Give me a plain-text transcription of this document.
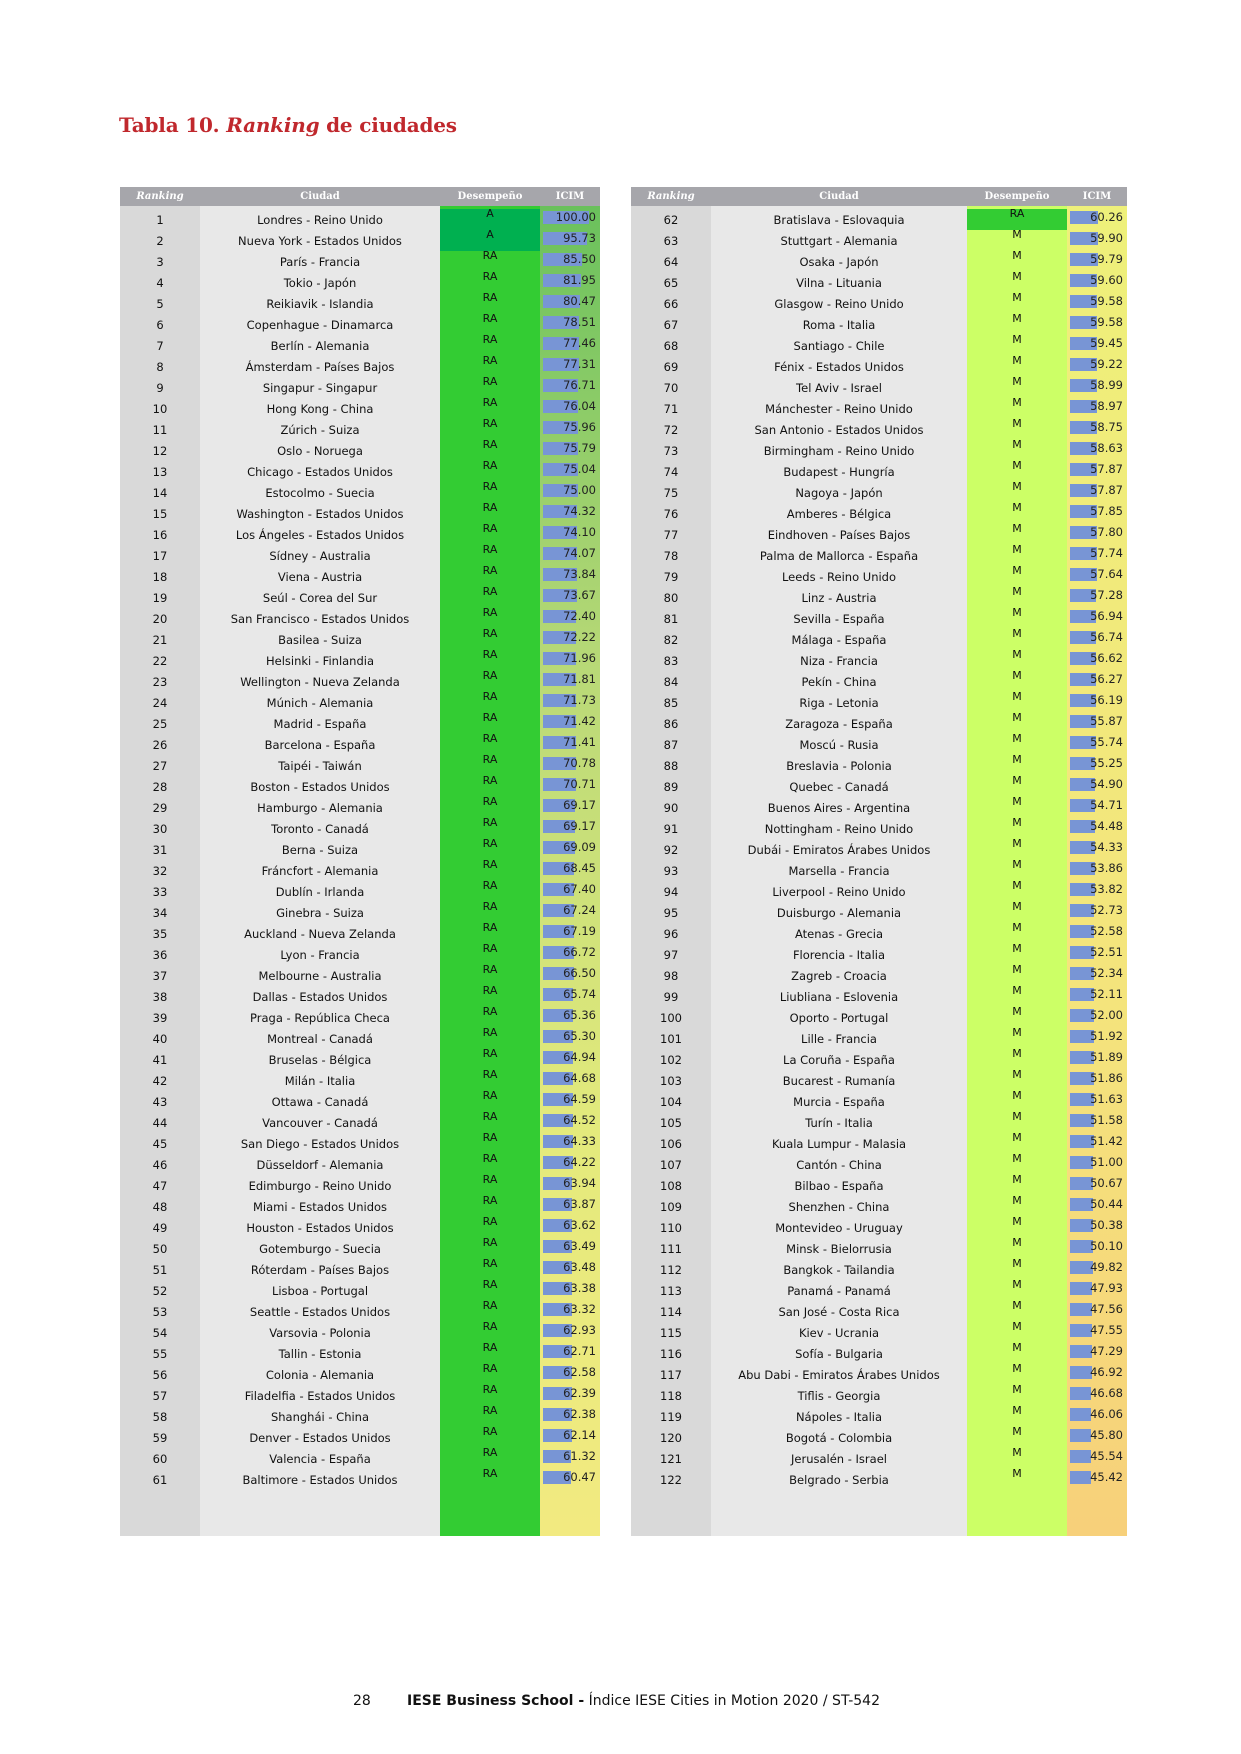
Tabla 10. Ranking de ciudades
Ranking	Ciudad	Desempeño	ICIM
1	Londres - Reino Unido	A	100.00
2	Nueva York - Estados Unidos	A	95.73
3	París - Francia	RA	85.50
4	Tokio - Japón	RA	81.95
5	Reikiavik - Islandia	RA	80.47
6	Copenhague - Dinamarca	RA	78.51
7	Berlín - Alemania	RA	77.46
8	Ámsterdam - Países Bajos	RA	77.31
9	Singapur - Singapur	RA	76.71
10	Hong Kong - China	RA	76.04
11	Zúrich - Suiza	RA	75.96
12	Oslo - Noruega	RA	75.79
13	Chicago - Estados Unidos	RA	75.04
14	Estocolmo - Suecia	RA	75.00
15	Washington - Estados Unidos	RA	74.32
16	Los Ángeles - Estados Unidos	RA	74.10
17	Sídney - Australia	RA	74.07
18	Viena - Austria	RA	73.84
19	Seúl - Corea del Sur	RA	73.67
20	San Francisco - Estados Unidos	RA	72.40
21	Basilea - Suiza	RA	72.22
22	Helsinki - Finlandia	RA	71.96
23	Wellington - Nueva Zelanda	RA	71.81
24	Múnich - Alemania	RA	71.73
25	Madrid - España	RA	71.42
26	Barcelona - España	RA	71.41
27	Taipéi - Taiwán	RA	70.78
28	Boston - Estados Unidos	RA	70.71
29	Hamburgo - Alemania	RA	69.17
30	Toronto - Canadá	RA	69.17
31	Berna - Suiza	RA	69.09
32	Fráncfort - Alemania	RA	68.45
33	Dublín - Irlanda	RA	67.40
34	Ginebra - Suiza	RA	67.24
35	Auckland - Nueva Zelanda	RA	67.19
36	Lyon - Francia	RA	66.72
37	Melbourne - Australia	RA	66.50
38	Dallas - Estados Unidos	RA	65.74
39	Praga - República Checa	RA	65.36
40	Montreal - Canadá	RA	65.30
41	Bruselas - Bélgica	RA	64.94
42	Milán - Italia	RA	64.68
43	Ottawa - Canadá	RA	64.59
44	Vancouver - Canadá	RA	64.52
45	San Diego - Estados Unidos	RA	64.33
46	Düsseldorf - Alemania	RA	64.22
47	Edimburgo - Reino Unido	RA	63.94
48	Miami - Estados Unidos	RA	63.87
49	Houston - Estados Unidos	RA	63.62
50	Gotemburgo - Suecia	RA	63.49
51	Róterdam - Países Bajos	RA	63.48
52	Lisboa - Portugal	RA	63.38
53	Seattle - Estados Unidos	RA	63.32
54	Varsovia - Polonia	RA	62.93
55	Tallin - Estonia	RA	62.71
56	Colonia - Alemania	RA	62.58
57	Filadelfia - Estados Unidos	RA	62.39
58	Shanghái - China	RA	62.38
59	Denver - Estados Unidos	RA	62.14
60	Valencia - España	RA	61.32
61	Baltimore - Estados Unidos	RA	60.47
Ranking	Ciudad	Desempeño	ICIM
62	Bratislava - Eslovaquia	RA	60.26
63	Stuttgart - Alemania	M	59.90
64	Osaka - Japón	M	59.79
65	Vilna - Lituania	M	59.60
66	Glasgow - Reino Unido	M	59.58
67	Roma - Italia	M	59.58
68	Santiago - Chile	M	59.45
69	Fénix - Estados Unidos	M	59.22
70	Tel Aviv - Israel	M	58.99
71	Mánchester - Reino Unido	M	58.97
72	San Antonio - Estados Unidos	M	58.75
73	Birmingham - Reino Unido	M	58.63
74	Budapest - Hungría	M	57.87
75	Nagoya - Japón	M	57.87
76	Amberes - Bélgica	M	57.85
77	Eindhoven - Países Bajos	M	57.80
78	Palma de Mallorca - España	M	57.74
79	Leeds - Reino Unido	M	57.64
80	Linz - Austria	M	57.28
81	Sevilla - España	M	56.94
82	Málaga - España	M	56.74
83	Niza - Francia	M	56.62
84	Pekín - China	M	56.27
85	Riga - Letonia	M	56.19
86	Zaragoza - España	M	55.87
87	Moscú - Rusia	M	55.74
88	Breslavia - Polonia	M	55.25
89	Quebec - Canadá	M	54.90
90	Buenos Aires - Argentina	M	54.71
91	Nottingham - Reino Unido	M	54.48
92	Dubái - Emiratos Árabes Unidos	M	54.33
93	Marsella - Francia	M	53.86
94	Liverpool - Reino Unido	M	53.82
95	Duisburgo - Alemania	M	52.73
96	Atenas - Grecia	M	52.58
97	Florencia - Italia	M	52.51
98	Zagreb - Croacia	M	52.34
99	Liubliana - Eslovenia	M	52.11
100	Oporto - Portugal	M	52.00
101	Lille - Francia	M	51.92
102	La Coruña - España	M	51.89
103	Bucarest - Rumanía	M	51.86
104	Murcia - España	M	51.63
105	Turín - Italia	M	51.58
106	Kuala Lumpur - Malasia	M	51.42
107	Cantón - China	M	51.00
108	Bilbao - España	M	50.67
109	Shenzhen - China	M	50.44
110	Montevideo - Uruguay	M	50.38
111	Minsk - Bielorrusia	M	50.10
112	Bangkok - Tailandia	M	49.82
113	Panamá - Panamá	M	47.93
114	San José - Costa Rica	M	47.56
115	Kiev - Ucrania	M	47.55
116	Sofía - Bulgaria	M	47.29
117	Abu Dabi - Emiratos Árabes Unidos	M	46.92
118	Tiflis - Georgia	M	46.68
119	Nápoles - Italia	M	46.06
120	Bogotá - Colombia	M	45.80
121	Jerusalén - Israel	M	45.54
122	Belgrado - Serbia	M	45.42
28	IESE Business School - Índice IESE Cities in Motion 2020 / ST-542
